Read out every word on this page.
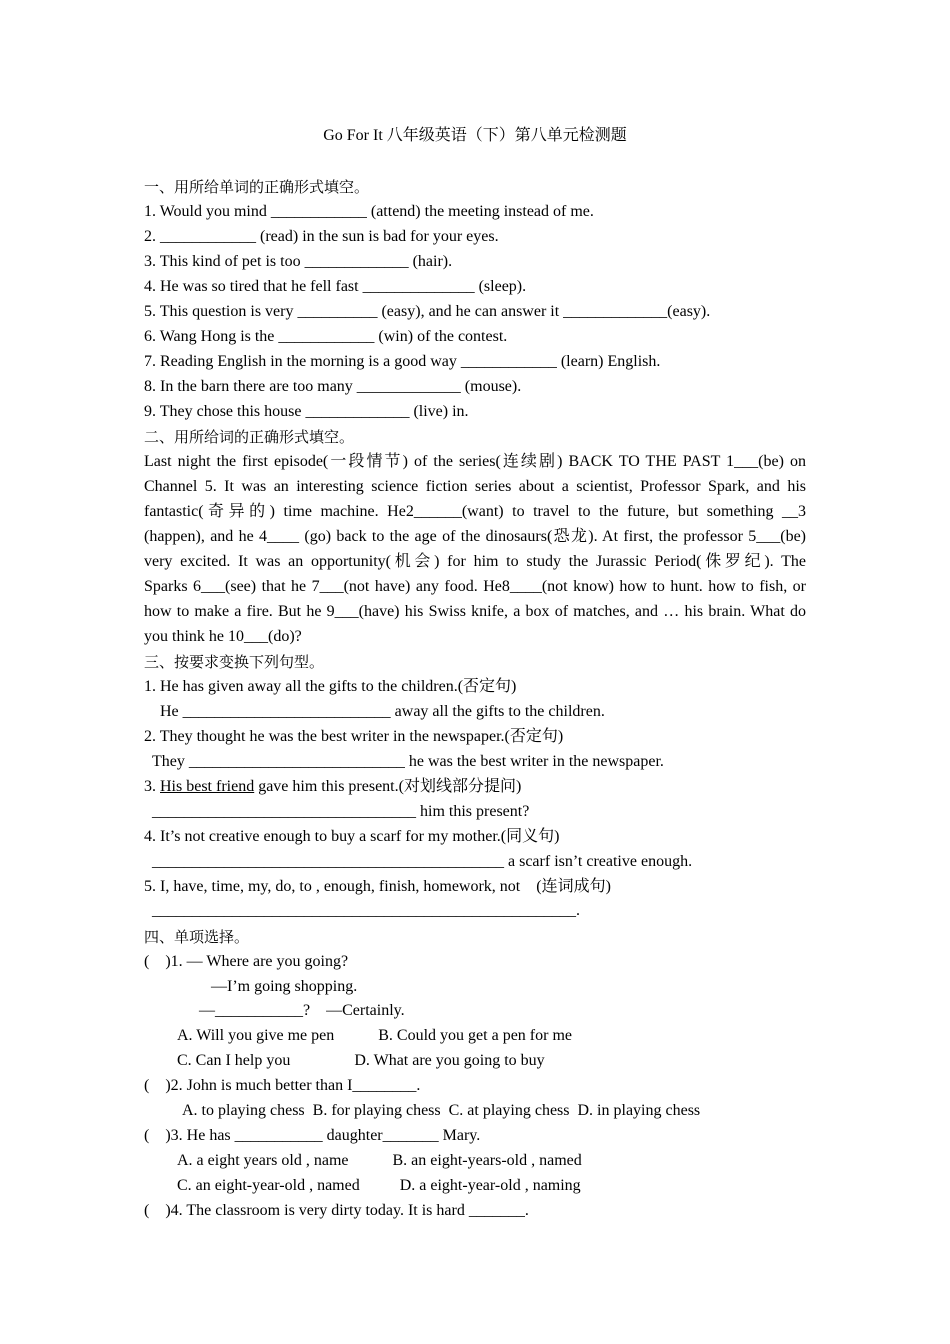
Go For It 八年级英语（下）第八单元检测题
一、用所给单词的正确形式填空。
1. Would you mind ____________ (attend) the meeting instead of me.
2. ____________ (read) in the sun is bad for your eyes.
3. This kind of pet is too _____________ (hair).
4. He was so tired that he fell fast ______________ (sleep).
5. This question is very __________ (easy), and he can answer it _____________(easy).
6. Wang Hong is the ____________ (win) of the contest.
7. Reading English in the morning is a good way ____________ (learn) English.
8. In the barn there are too many _____________ (mouse).
9. They chose this house _____________ (live) in.
二、用所给词的正确形式填空。
Last night the first episode(一段情节) of the series(连续剧) BACK TO THE PAST 1___(be) on
Channel 5. It was an interesting science fiction series about a scientist, Professor Spark, and his
fantastic(奇异的) time machine. He2______(want) to travel to the future, but something __3
(happen), and he 4____ (go) back to the age of the dinosaurs(恐龙). At first, the professor 5___(be)
very excited. It was an opportunity(机会) for him to study the Jurassic Period(侏罗纪). The
Sparks 6___(see) that he 7___(not have) any food. He8____(not know) how to hunt. how to fish, or
how to make a fire. But he 9___(have) his Swiss knife, a box of matches, and … his brain. What do
you think he 10___(do)?
三、按要求变换下列句型。
1. He has given away all the gifts to the children.(否定句)
He __________________________ away all the gifts to the children.
2. They thought he was the best writer in the newspaper.(否定句)
They ___________________________ he was the best writer in the newspaper.
3. His best friend gave him this present.(对划线部分提问)
_________________________________ him this present?
4. It’s not creative enough to buy a scarf for my mother.(同义句)
____________________________________________ a scarf isn’t creative enough.
5. I, have, time, my, do, to , enough, finish, homework, not    (连词成句)
_____________________________________________________.
四、单项选择。
(    )1. — Where are you going?
—I’m going shopping.
—___________?    —Certainly.
A. Will you give me pen           B. Could you get a pen for me
C. Can I help you                D. What are you going to buy
(    )2. John is much better than I________.
A. to playing chess  B. for playing chess  C. at playing chess  D. in playing chess
(    )3. He has ___________ daughter_______ Mary.
A. a eight years old , name           B. an eight-years-old , named
C. an eight-year-old , named          D. a eight-year-old , naming
(    )4. The classroom is very dirty today. It is hard _______.
